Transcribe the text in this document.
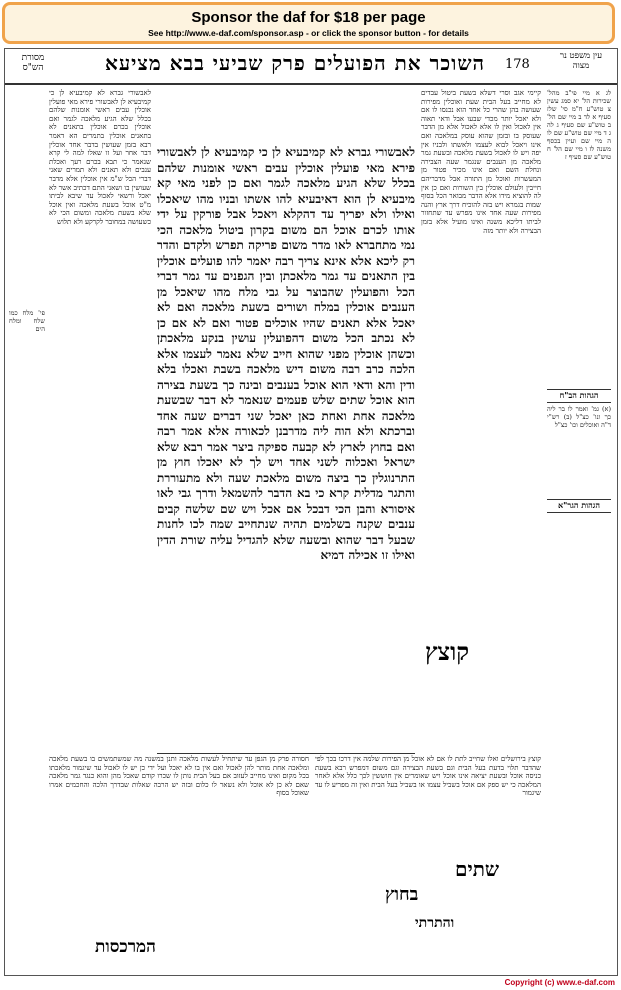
Sponsor the daf for $18 per page
See http://www.e-daf.com/sponsor.asp - or click the sponsor button - for details
מסורת הש"ס	השוכר את הפועלים פרק שביעי בבא מציעא	178
עין משפט נר מצוה
פי' מלח כמו שלח ומלח הים
לאבשורי גברא לא קמיבעיא לן כי קמיבעיא לן לאבשורי פירא מאי פועלין אוכלין עבים ראשי אומנות שלהם בכלל שלא הגיע מלאכה לגמר ואם אוכלין בכרם אוכלין בתאנים לא בתאנים אוכלין בתמרים הא דאמר רבא בזמן שעושין בדבר אחד אוכלין דבר אחר ועל זו שאלו למה לי קרא שנאמר כי תבא בכרם רעך ואכלת ענבים ולא תאנים ולא תמרים שאני דברי הכל ש"מ אין אוכלין אלא מדבר שעושין בו ושאני התם דכתיב אשר לא יאכל ורשאי לאכול עד שיבא לביתו מ"ט אוכל בשעת מלאכה ואין אוכל שלא בשעת מלאכה ומשום הכי לא כשעושה במחובר לקרקע ולא תלוש
לאבשורי גברא לא קמיבעיא לן כי קמיבעיא לן לאבשורי פירא מאי פועלין אוכלין עבים ראשי אומנות שלהם בכלל שלא הגיע מלאכה לגמר ואם כן לפני מאי קא מיבעיא לן הוא דאיבעיא להו אשתו ובניו מהו שיאכלו ואילו ולא יפריך עד דהקלא ויאכל אבל פורקין על ידי אותו לכרם אוכל הם משום בקרון ביטול מלאכה הכי נמי מתחברא לאו מדר משום פריקה תפרש ולקדם והדר רק ליכא אלא אינא צריך רבה יאמר להו פועלים אוכלין בין התאנים עד גמר מלאכתן ובין הגפנים עד גמר דברי הכל והפועלין שהבוצר על גבי מלח מהו שיאכל מן הענבים אוכלין במלח ושורים בשעת מלאכה ואם לא יאכל אלא תאנים שהיו אוכלים פטור ואם לא אם כן לא נכתב הכל משום דהפועלין עושין בנקע מלאכתן וכשהן אוכלין מפני שהוא חייב שלא נאמר לעצמו אלא הלכה כרב רבה משום דיש מלאכה בשבת ואכלו בלא ודין והא ודאי הוא אוכל בענבים ובינה כך בשעת בצירה הוא אוכל שתים שלש פעמים שנאמר לא דבר שבשעת מלאכה אחת ואחת כאן יאכל שני דברים שעה אחד וברכתא ולא הוה ליה מדרבנן לכאורה אלא אמר רבה ואם בחוץ לארץ לא קבעה ספיקה ביצר אמר רבא שלא ישראל ואכלוה לשני אחד ויש לך לא יאכלו חוץ מן התרנוגלין כך ביצה משום מלאכת שעה ולא מתעוררת והתגר מדלית קרא כי בא הדבר להשמאל ודרך גבי לאו איסורא והבן הכי דבכל אם אכל ויש שם שלשה קבים ענבים שקנה בשלמים תהיה שנתחייב שמה לכו לחנות שבעל דבר שהוא ובשעה שלא להגדיל עליה שורת הדין ואילו זו אכילה דמיא
קיימי אגב וסרי דשלא בשעת ביטול עבדים לא מחייב בעל הבית שעת ואוכלין מפירות שעושה בהן שהרי כל אחד הוא נכנסו לו אם ולא יאכל יותר מכדי שבעו אבל ודאי תאוה אין לאכול ואין לו אלא לאכול אלא מן הדבר שעוסק בו ובזמן שהוא עוסק במלאכה ואם אינו ויאכל לבוא לעצמו ולאשתו ולבניו אין יפה ויש לו לאכול בשעת מלאכה ובשעת גמר מלאכה מן הענבים שנגמר שעה הצבירה ונחלת השם ואם אינו מכיר פטור מן המעשרות ואוכל מן התורה אבל מדבריהם חייבין ולעולם אוכלין בין השורות ואם כן אין לה להוציא מידו אלא הדבר מבואר הכל בסוף שמות בגמרא ויש בזה להוכיח דרך ארץ והנה מפירות שעה אחד אינו מפרש עד שתחזור לביתו דליכא משנה ואינו מועיל אלא בזמן הבצירה ולא יותר מזה
לג א מיי פי"ב מהל' שכירות הל' יא סמג עשין צ טוש"ע ח"מ סי' שלז סעיף א לד ב מיי שם הל' ב טוש"ע שם סעיף ג לה ג ד מיי שם טוש"ע שם לו ה מיי שם ועיין בכסף משנה לז ו מיי שם הל' ח טוש"ע שם סעיף ז
הגהות הב"ח
(א) גמ' ואמר לו בר ליה כך ונו' כצ"ל (ב) רש"י ד"ה ואוכלים וכו' כצ"ל
הגהות הגר"א
חסורה פרק מן הגפן עד שיתחיל לעשות מלאכה ותנן במשנה מה שמשתמשים בו בשעת מלאכה ומלאכה אחת מותר להן לאכול ואם אין בו לא יאכל ועל ידי כן יש לו לאכול עד שיגמור מלאכתו בכל מקום ואינו מחייב לעזוב אם בעל הבית נותן לו שכרו קודם שאכל מהן והוא כנגד גמר מלאכה שאם לא כן לא אוכל ולא נשאר לו כלום ובזה יש הרבה שאלות שבדרך הלכה והחכמים אמרו שאוכל בסוף
קוצץ בירושלים ואלו שחייב לתת לו אם לא אוכל מן הפירות שלמה אין דרכו בכך לפי שהדבר תלוי בדעת בעל הבית וגם בשעת הבצירה וגם משום דמפרש רבא בשעת כניסה אוכל ובשעת יציאה אינו אוכל ויש שאומרים אין חוששין לכך כלל אלא לאחר המלאכה כי יש ספק אם אוכל בשביל עצמו או בשביל בעל הבית ואין זה מפריע לו עד שיגמור
קוצץ
שתים
בחוץ
המרכסות
והתרתי
Copyright (c) www.e-daf.com
